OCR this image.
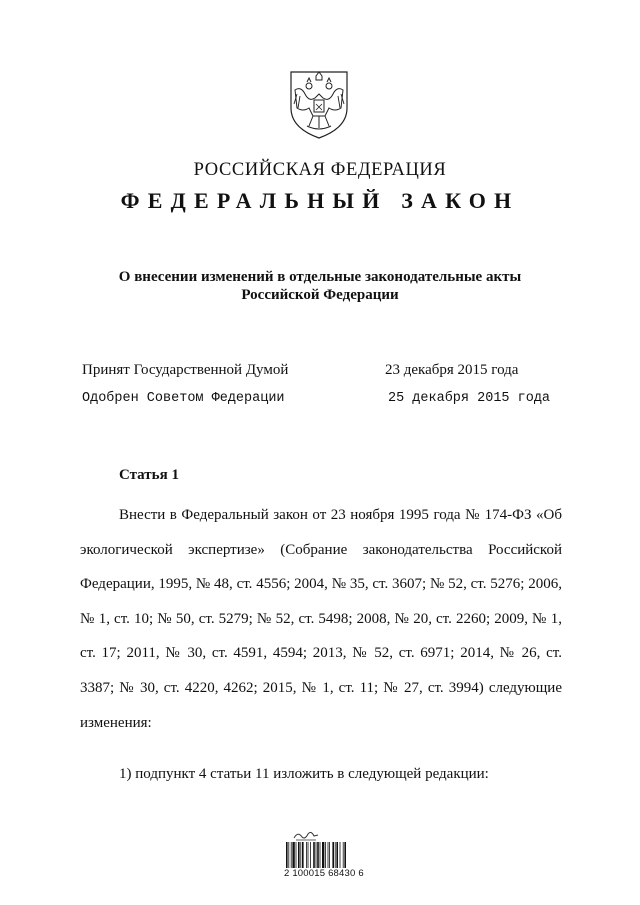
РОССИЙСКАЯ ФЕДЕРАЦИЯ
ФЕДЕРАЛЬНЫЙ ЗАКОН
О внесении изменений в отдельные законодательные акты
Российской Федерации
Принят Государственной Думой	23 декабря 2015 года
Одобрен Советом Федерации	25 декабря 2015 года
Статья 1
Внести в Федеральный закон от 23 ноября 1995 года № 174-ФЗ «Об экологической экспертизе» (Собрание законодательства Российской Федерации, 1995, № 48, ст. 4556; 2004, № 35, ст. 3607; № 52, ст. 5276; 2006, № 1, ст. 10; № 50, ст. 5279; № 52, ст. 5498; 2008, № 20, ст. 2260; 2009, № 1, ст. 17; 2011, № 30, ст. 4591, 4594; 2013, № 52, ст. 6971; 2014, № 26, ст. 3387; № 30, ст. 4220, 4262; 2015, № 1, ст. 11; № 27, ст. 3994) следующие изменения:
1) подпункт 4 статьи 11 изложить в следующей редакции:
2 100015 68430 6
